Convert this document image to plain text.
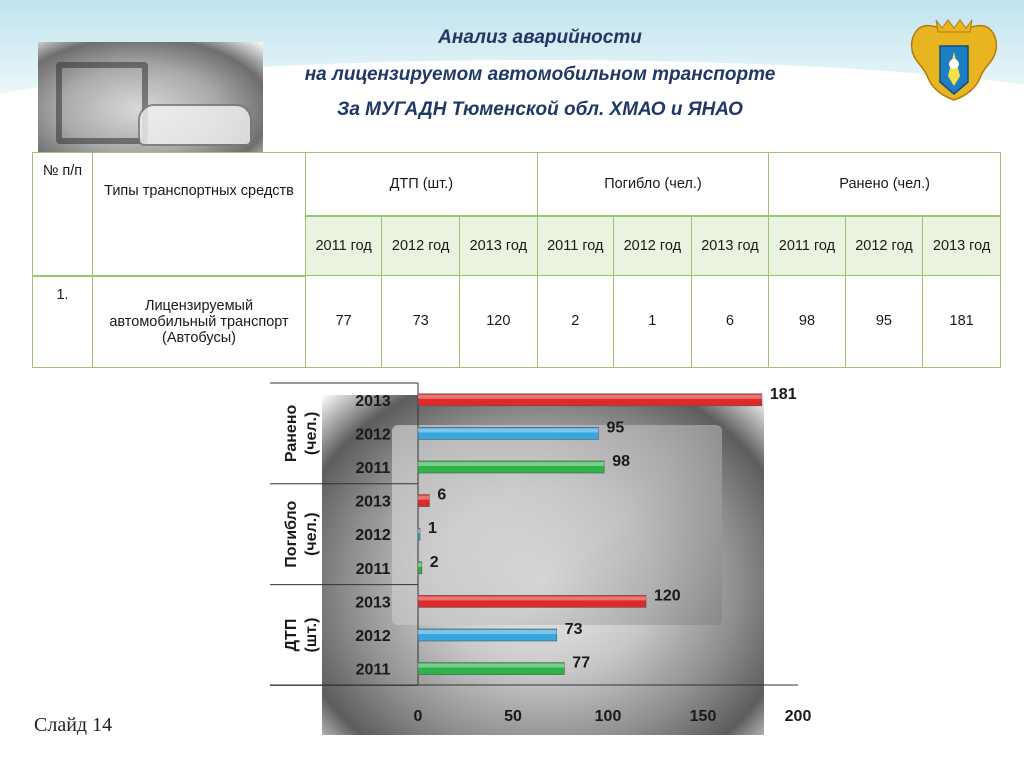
Анализ аварийности
на лицензируемом автомобильном транспорте
За МУГАДН Тюменской обл. ХМАО и ЯНАО
№ п/п	Типы транспортных средств	ДТП (шт.)			Погибло (чел.)			Ранено (чел.)		
		2011 год	2012 год	2013 год	2011 год	2012 год	2013 год	2011 год	2012 год	2013 год
1.	Лицензируемый автомобильный транспорт (Автобусы)	77	73	120	2	1	6	98	95	181
Ранено (чел.)
2013	181
2012	95
2011	98
Погибло (чел.)
2013	6
2012 1
2011 2
ДТП (шт.)
2013	120
2012	73
2011	77
0	50	100	150	200
Слайд 14
